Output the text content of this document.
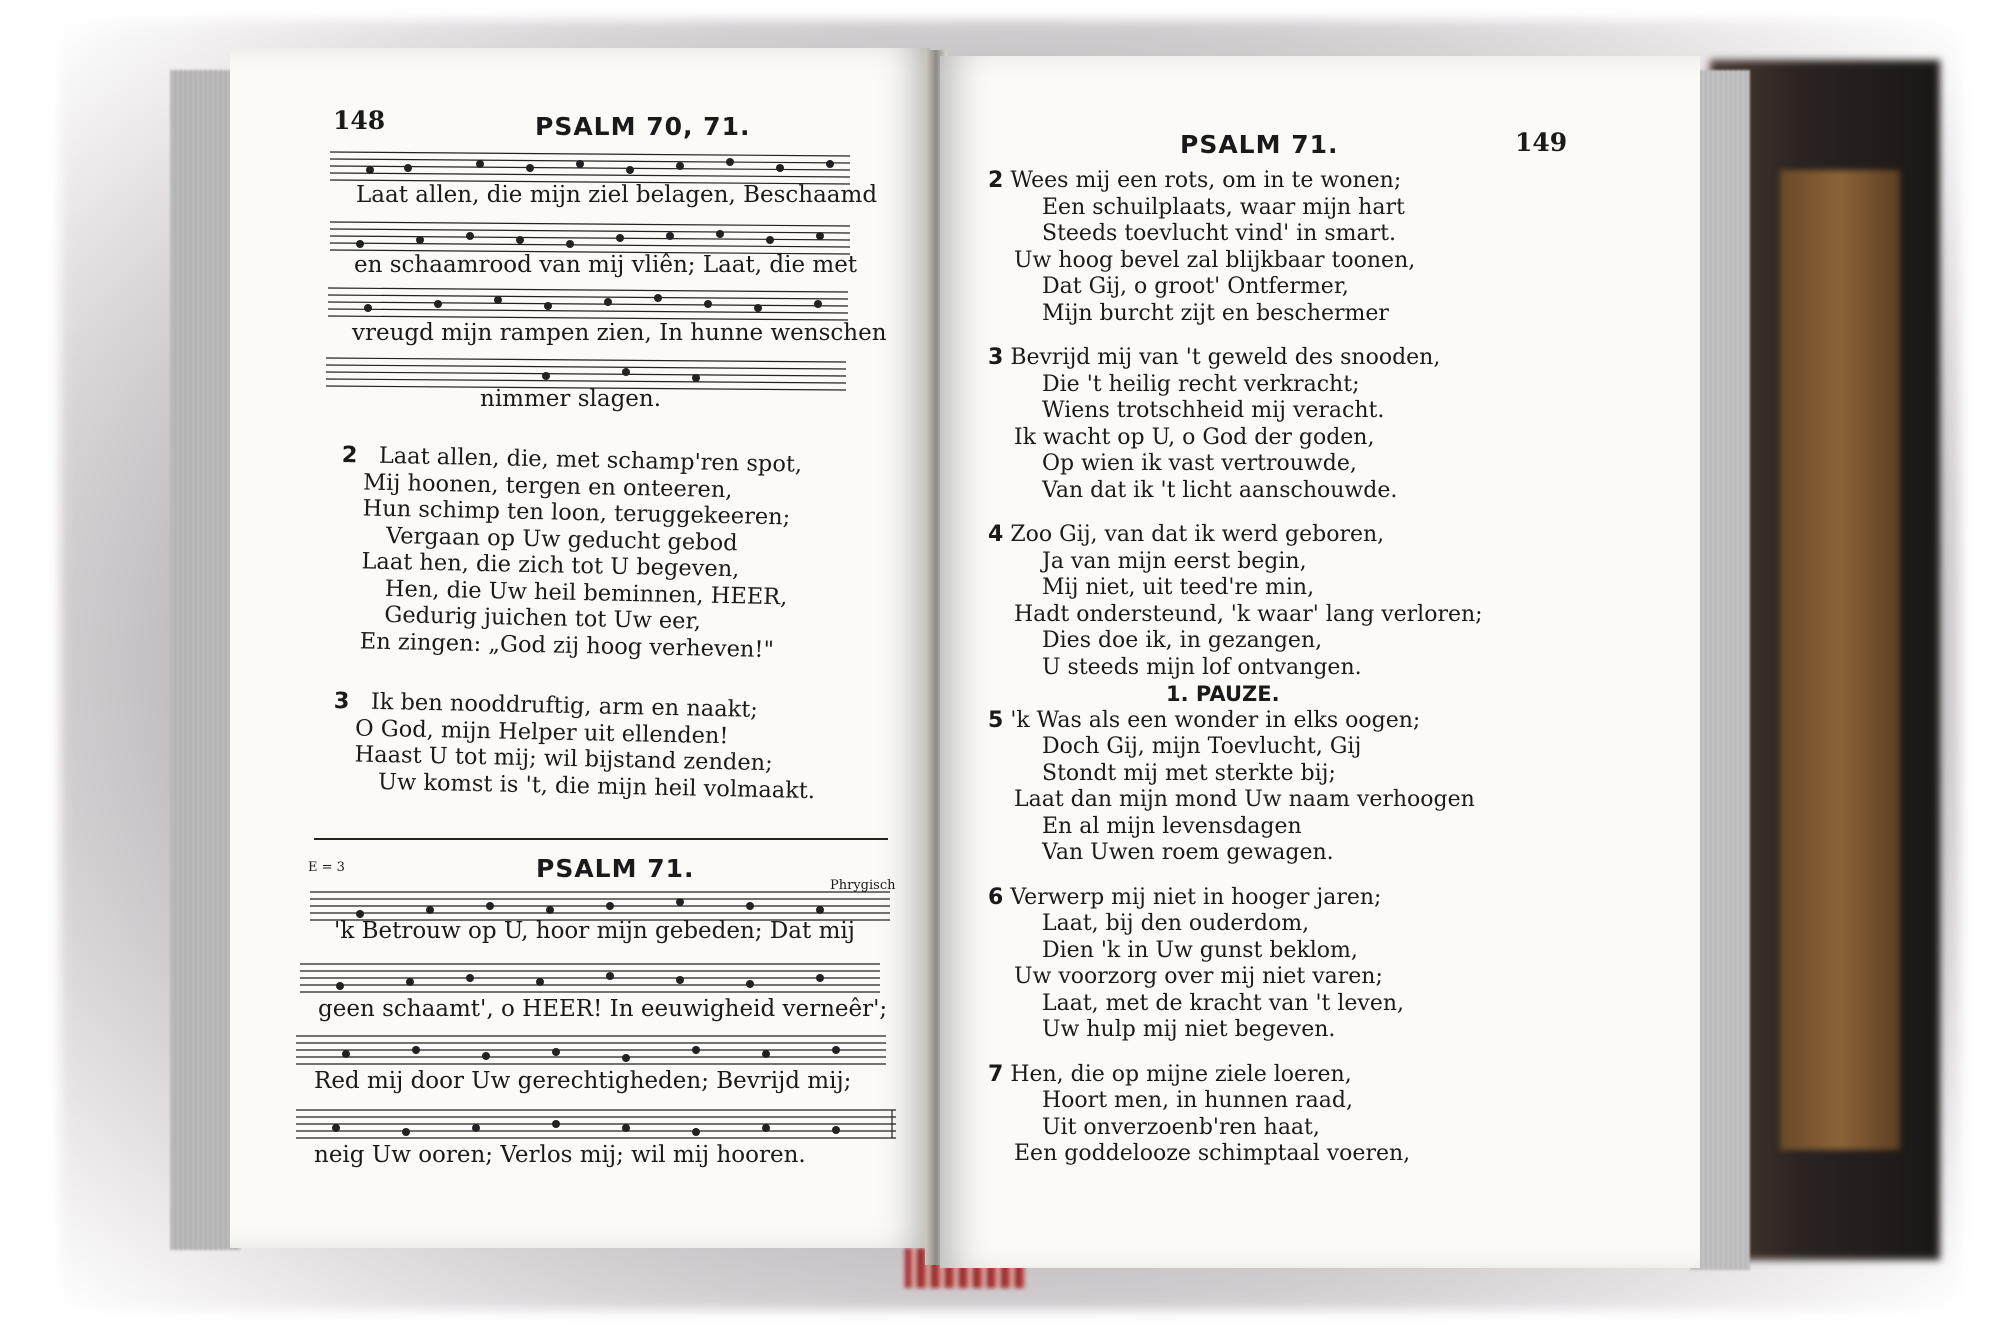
148	PSALM 70, 71.
Laat allen, die mijn ziel belagen, Beschaamd
en schaamrood van mij vliên; Laat, die met
vreugd mijn rampen zien, In hunne wenschen
nimmer slagen.
2 Laat allen, die, met schamp'ren spot,
Mij hoonen, tergen en onteeren,
Hun schimp ten loon, teruggekeeren;
Vergaan op Uw geducht gebod
Laat hen, die zich tot U begeven,
Hen, die Uw heil beminnen, HEER,
Gedurig juichen tot Uw eer,
En zingen: „God zij hoog verheven!"
3 Ik ben nooddruftig, arm en naakt;
O God, mijn Helper uit ellenden!
Haast U tot mij; wil bijstand zenden;
Uw komst is 't, die mijn heil volmaakt.
E = 3	PSALM 71.
Phrygisch
'k Betrouw op U, hoor mijn gebeden; Dat mij
geen schaamt', o HEER! In eeuwigheid verneêr';
Red mij door Uw gerechtigheden; Bevrijd mij;
neig Uw ooren; Verlos mij; wil mij hooren.
PSALM 71.	149
2 Wees mij een rots, om in te wonen;
Een schuilplaats, waar mijn hart
Steeds toevlucht vind' in smart.
Uw hoog bevel zal blijkbaar toonen,
Dat Gij, o groot' Ontfermer,
Mijn burcht zijt en beschermer
3 Bevrijd mij van 't geweld des snooden,
Die 't heilig recht verkracht;
Wiens trotschheid mij veracht.
Ik wacht op U, o God der goden,
Op wien ik vast vertrouwde,
Van dat ik 't licht aanschouwde.
4 Zoo Gij, van dat ik werd geboren,
Ja van mijn eerst begin,
Mij niet, uit teed're min,
Hadt ondersteund, 'k waar' lang verloren;
Dies doe ik, in gezangen,
U steeds mijn lof ontvangen.
1. PAUZE.
5 'k Was als een wonder in elks oogen;
Doch Gij, mijn Toevlucht, Gij
Stondt mij met sterkte bij;
Laat dan mijn mond Uw naam verhoogen
En al mijn levensdagen
Van Uwen roem gewagen.
6 Verwerp mij niet in hooger jaren;
Laat, bij den ouderdom,
Dien 'k in Uw gunst beklom,
Uw voorzorg over mij niet varen;
Laat, met de kracht van 't leven,
Uw hulp mij niet begeven.
7 Hen, die op mijne ziele loeren,
Hoort men, in hunnen raad,
Uit onverzoenb'ren haat,
Een goddelooze schimptaal voeren,
